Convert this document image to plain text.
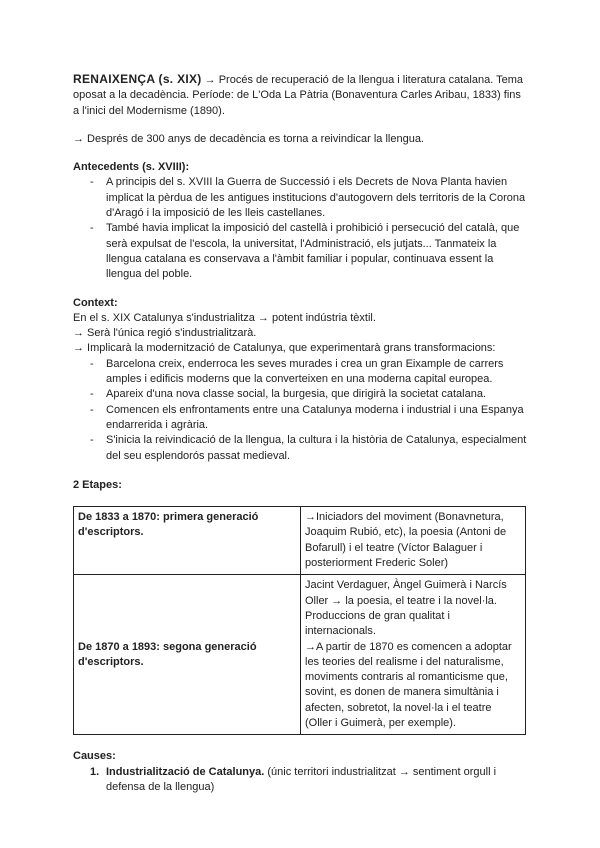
RENAIXENÇA (s. XIX) → Procés de recuperació de la llengua i literatura catalana. Tema oposat a la decadència. Període: de L'Oda La Pàtria (Bonaventura Carles Aribau, 1833) fins a l'inici del Modernisme (1890).

→ Després de 300 anys de decadència es torna a reivindicar la llengua.

Antecedents (s. XVIII):

- A principis del s. XVIII la Guerra de Successió i els Decrets de Nova Planta havien implicat la pèrdua de les antigues institucions d'autogovern dels territoris de la Corona d'Aragó i la imposició de les lleis castellanes.
- També havia implicat la imposició del castellà i prohibició i persecució del català, que serà expulsat de l'escola, la universitat, l'Administració, els jutjats... Tanmateix la llengua catalana es conservava a l'àmbit familiar i popular, continuava essent la llengua del poble.

Context:

En el s. XIX Catalunya s'industrialitza → potent indústria tèxtil.

→ Serà l'única regió s'industrialitzarà.

→ Implicarà la modernització de Catalunya, que experimentarà grans transformacions:

- Barcelona creix, enderroca les seves murades i crea un gran Eixample de carrers amples i edificis moderns que la converteixen en una moderna capital europea.
- Apareix d'una nova classe social, la burgesia, que dirigirà la societat catalana.
- Comencen els enfrontaments entre una Catalunya moderna i industrial i una Espanya endarrerida i agrària.
- S'inicia la reivindicació de la llengua, la cultura i la història de Catalunya, especialment del seu esplendorós passat medieval.

2 Etapes:

De 1833 a 1870: primera generació d'escriptors.	→Iniciadors del moviment (Bonavnetura, Joaquim Rubió, etc), la poesia (Antoni de Bofarull) i el teatre (Víctor Balaguer i posteriorment Frederic Soler)
De 1870 a 1893: segona generació d'escriptors.	Jacint Verdaguer, Àngel Guimerà i Narcís Oller → la poesia, el teatre i la novel·la. Produccions de gran qualitat i internacionals.
→A partir de 1870 es comencen a adoptar les teories del realisme i del naturalisme, moviments contraris al romanticisme que, sovint, es donen de manera simultània i afecten, sobretot, la novel·la i el teatre (Oller i Guimerà, per exemple).

Causes:

1. Industrialització de Catalunya. (únic territori industrialitzat → sentiment orgull i defensa de la llengua)
